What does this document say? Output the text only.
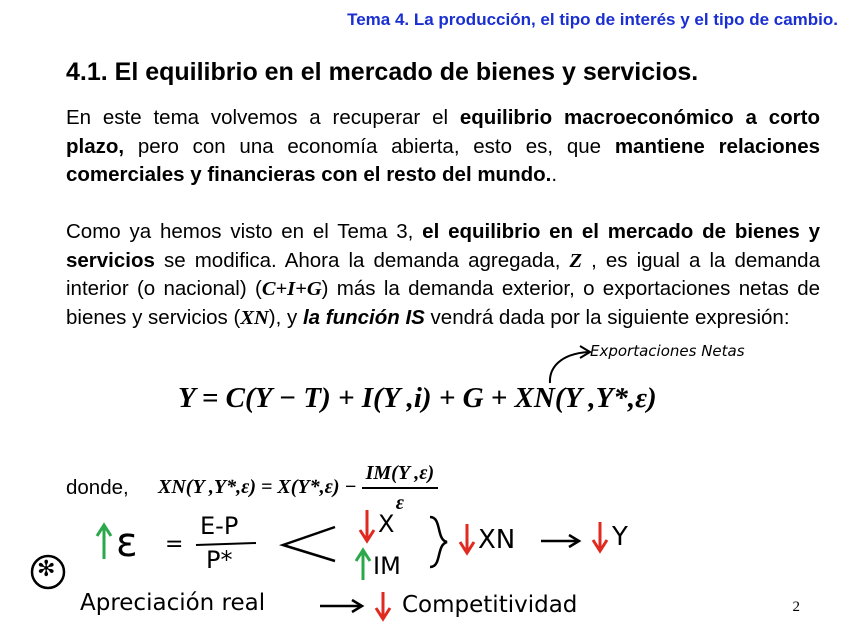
Tema 4. La producción, el tipo de interés y el tipo de cambio.
4.1. El equilibrio en el mercado de bienes y servicios.
En este tema volvemos a recuperar el equilibrio macroeconómico a corto plazo, pero con una economía abierta, esto es, que mantiene relaciones comerciales y financieras con el resto del mundo..
Como ya hemos visto en el Tema 3, el equilibrio en el mercado de bienes y servicios se modifica. Ahora la demanda agregada, Z , es igual a la demanda interior (o nacional) (C+I+G) más la demanda exterior, o exportaciones netas de bienes y servicios (XN), y la función IS vendrá dada por la siguiente expresión:
Exportaciones Netas
Y = C(Y − T) + I(Y ,i) + G + XN(Y ,Y*,ε)
donde, XN(Y $,Y*,\varepsilon) = X(Y*,\varepsilon) - \frac{IM(Y ,\varepsilon)}{\varepsilon}$
ε =
E-P
P*
X
IM
XN	Y
✻
Apreciación real	Competitividad	2
